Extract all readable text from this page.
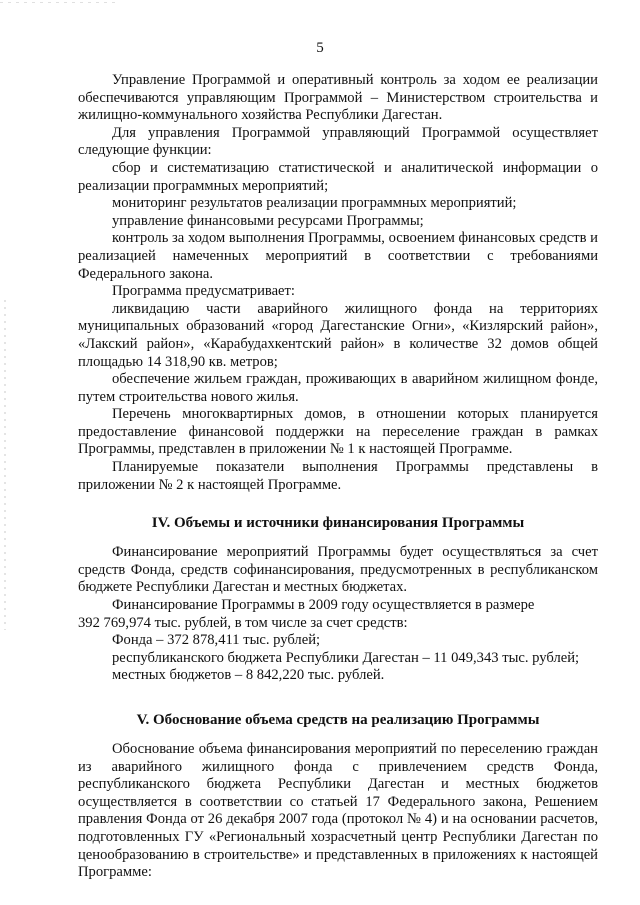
5

Управление Программой и оперативный контроль за ходом ее реализации обеспечиваются управляющим Программой – Министерством строительства и жилищно-коммунального хозяйства Республики Дагестан.

Для управления Программой управляющий Программой осуществляет следующие функции:

сбор и систематизацию статистической и аналитической информации о реализации программных мероприятий;

мониторинг результатов реализации программных мероприятий;

управление финансовыми ресурсами Программы;

контроль за ходом выполнения Программы, освоением финансовых средств и реализацией намеченных мероприятий в соответствии с требованиями Федерального закона.

Программа предусматривает:

ликвидацию части аварийного жилищного фонда на территориях муниципальных образований «город Дагестанские Огни», «Кизлярский район», «Лакский район», «Карабудахкентский район» в количестве 32 домов общей площадью 14 318,90 кв. метров;

обеспечение жильем граждан, проживающих в аварийном жилищном фонде, путем строительства нового жилья.

Перечень многоквартирных домов, в отношении которых планируется предоставление финансовой поддержки на переселение граждан в рамках Программы, представлен в приложении № 1 к настоящей Программе.

Планируемые показатели выполнения Программы представлены в приложении № 2 к настоящей Программе.

IV. Объемы и источники финансирования Программы

Финансирование мероприятий Программы будет осуществляться за счет средств Фонда, средств софинансирования, предусмотренных в республиканском бюджете Республики Дагестан и местных бюджетах.

Финансирование Программы в 2009 году осуществляется в размере

392 769,974 тыс. рублей, в том числе за счет средств:

Фонда – 372 878,411 тыс. рублей;

республиканского бюджета Республики Дагестан – 11 049,343 тыс. рублей;

местных бюджетов – 8 842,220 тыс. рублей.

V. Обоснование объема средств на реализацию Программы

Обоснование объема финансирования мероприятий по переселению граждан из аварийного жилищного фонда с привлечением средств Фонда, республиканского бюджета Республики Дагестан и местных бюджетов осуществляется в соответствии со статьей 17 Федерального закона, Решением правления Фонда от 26 декабря 2007 года (протокол № 4) и на основании расчетов, подготовленных ГУ «Региональный хозрасчетный центр Республики Дагестан по ценообразованию в строительстве» и представленных в приложениях к настоящей Программе:
